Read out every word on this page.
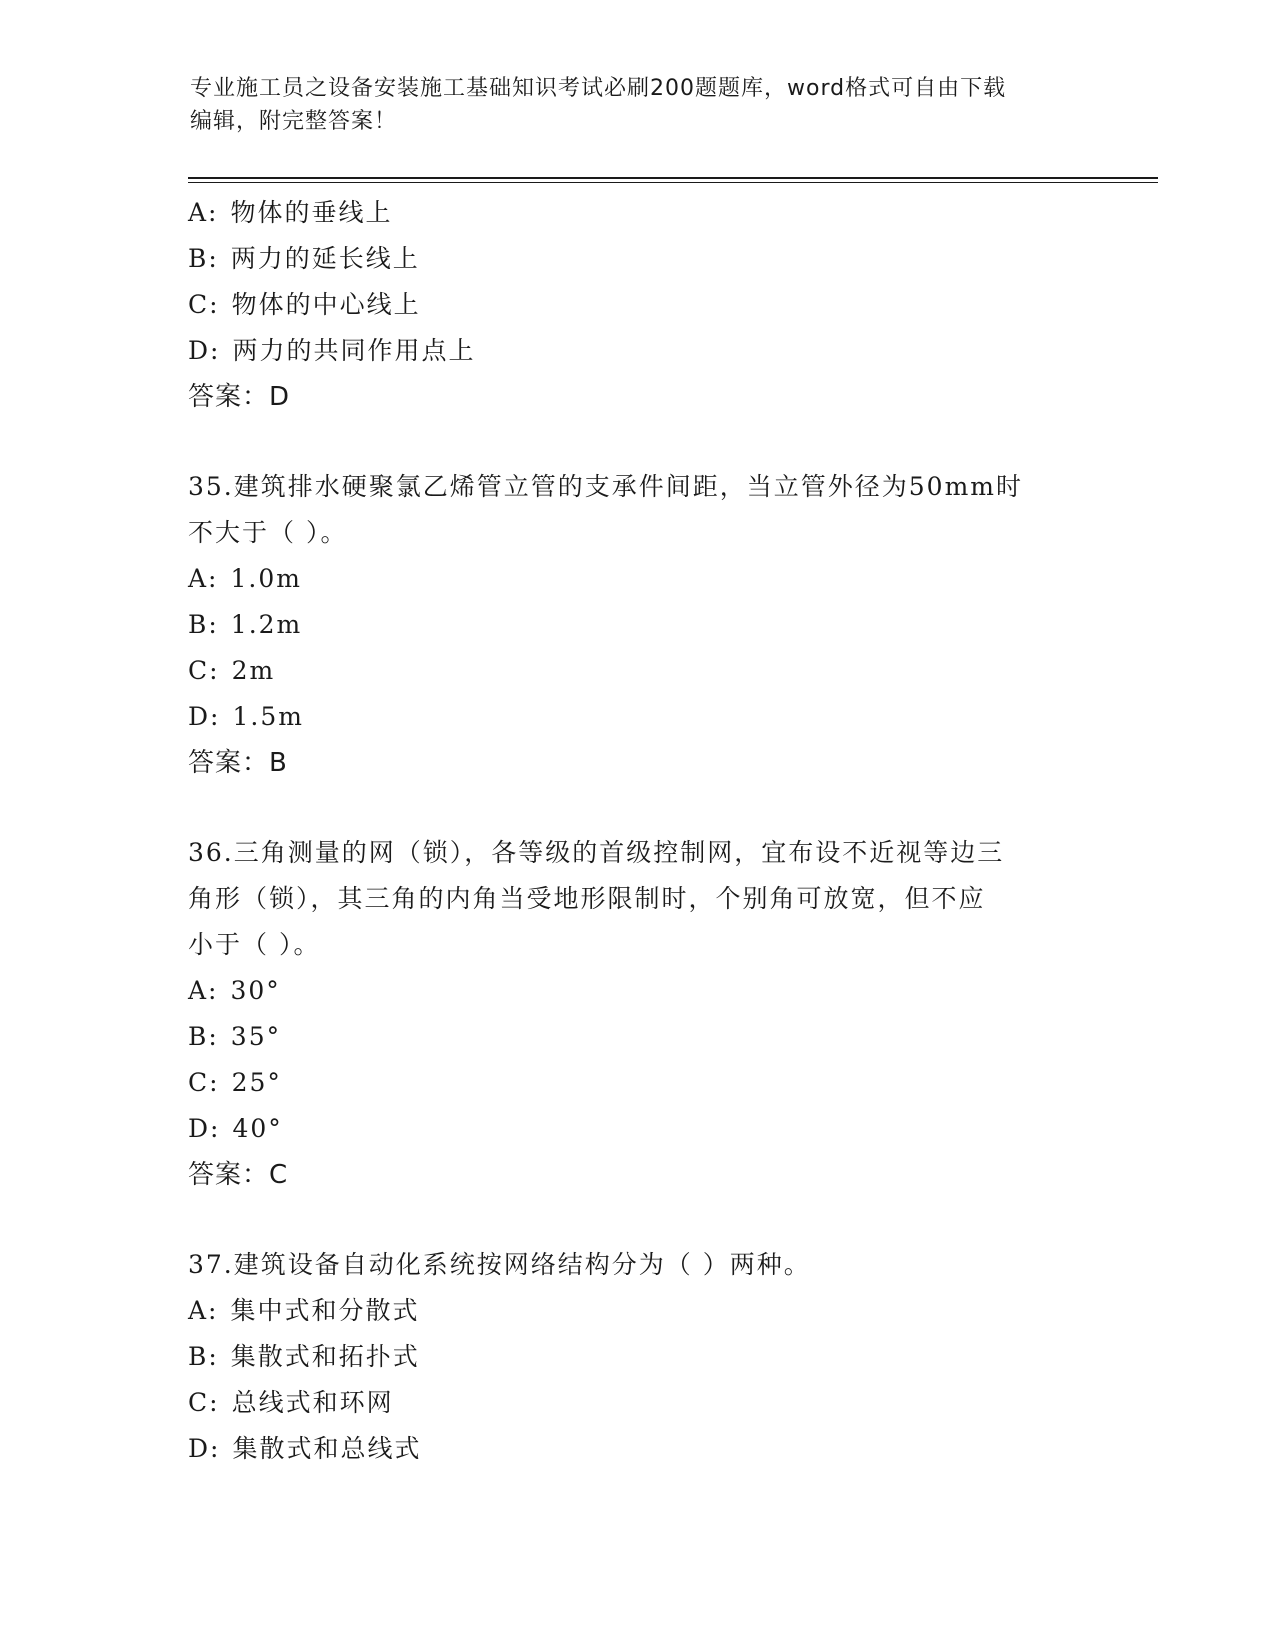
专业施工员之设备安装施工基础知识考试必刷200题题库，word格式可自由下载
编辑，附完整答案！
A: 物体的垂线上
B: 两力的延长线上
C: 物体的中心线上
D: 两力的共同作用点上
答案：D
35.建筑排水硬聚氯乙烯管立管的支承件间距，当立管外径为50mm时
不大于（ ）。
A: 1.0m
B: 1.2m
C: 2m
D: 1.5m
答案：B
36.三角测量的网（锁），各等级的首级控制网，宜布设不近视等边三
角形（锁），其三角的内角当受地形限制时，个别角可放宽，但不应
小于（ ）。
A: 30°
B: 35°
C: 25°
D: 40°
答案：C
37.建筑设备自动化系统按网络结构分为（ ）两种。
A: 集中式和分散式
B: 集散式和拓扑式
C: 总线式和环网
D: 集散式和总线式
